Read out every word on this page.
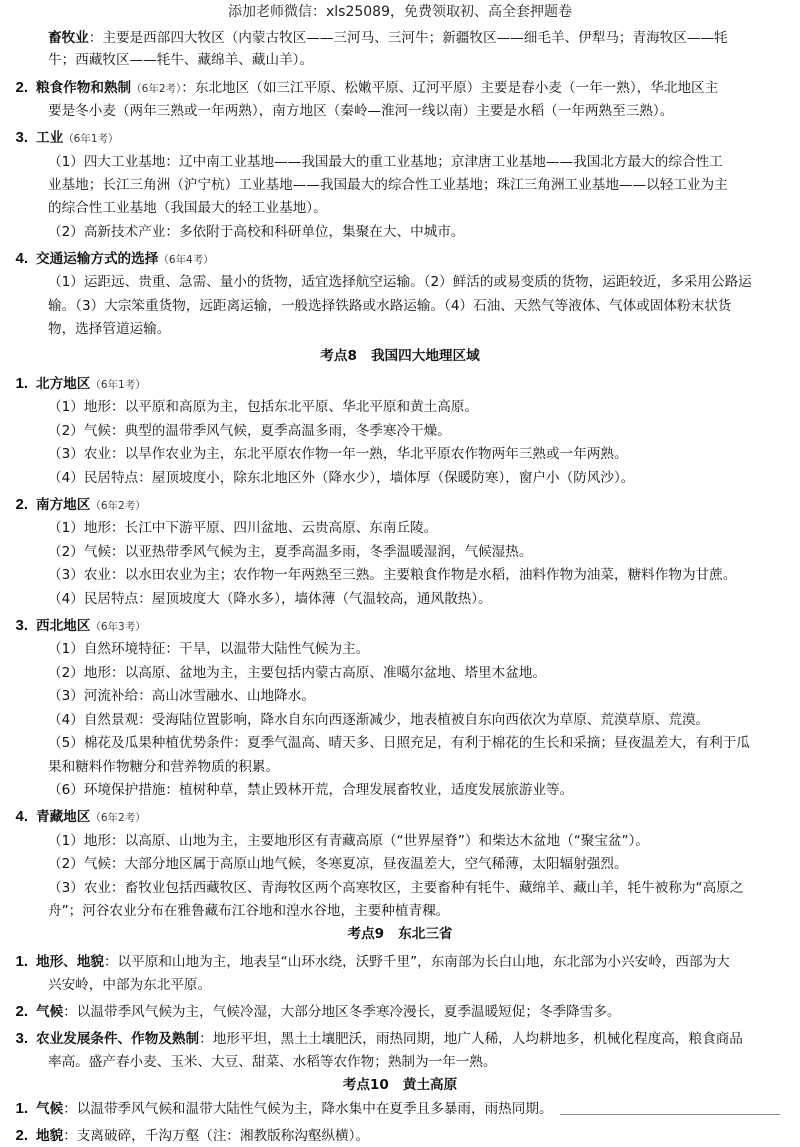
添加老师微信：xls25089，免费领取初、高全套押题卷
畜牧业：主要是西部四大牧区（内蒙古牧区——三河马、三河牛；新疆牧区——细毛羊、伊犁马；青海牧区——牦
牛；西藏牧区——牦牛、藏绵羊、藏山羊）。
2. 粮食作物和熟制（6年2考）：东北地区（如三江平原、松嫩平原、辽河平原）主要是春小麦（一年一熟），华北地区主
要是冬小麦（两年三熟或一年两熟），南方地区（秦岭—淮河一线以南）主要是水稻（一年两熟至三熟）。
3. 工业（6年1考）
（1）四大工业基地：辽中南工业基地——我国最大的重工业基地；京津唐工业基地——我国北方最大的综合性工
业基地；长江三角洲（沪宁杭）工业基地——我国最大的综合性工业基地；珠江三角洲工业基地——以轻工业为主
的综合性工业基地（我国最大的轻工业基地）。
（2）高新技术产业：多依附于高校和科研单位，集聚在大、中城市。
4. 交通运输方式的选择（6年4考）
（1）运距远、贵重、急需、量小的货物，适宜选择航空运输。（2）鲜活的或易变质的货物，运距较近，多采用公路运
输。（3）大宗笨重货物，远距离运输，一般选择铁路或水路运输。（4）石油、天然气等液体、气体或固体粉末状货
物，选择管道运输。
考点8 我国四大地理区域
1. 北方地区（6年1考）
（1）地形：以平原和高原为主，包括东北平原、华北平原和黄土高原。
（2）气候：典型的温带季风气候，夏季高温多雨，冬季寒冷干燥。
（3）农业：以旱作农业为主，东北平原农作物一年一熟，华北平原农作物两年三熟或一年两熟。
（4）民居特点：屋顶坡度小，除东北地区外（降水少），墙体厚（保暖防寒），窗户小（防风沙）。
2. 南方地区（6年2考）
（1）地形：长江中下游平原、四川盆地、云贵高原、东南丘陵。
（2）气候：以亚热带季风气候为主，夏季高温多雨，冬季温暖湿润，气候湿热。
（3）农业：以水田农业为主；农作物一年两熟至三熟。主要粮食作物是水稻，油料作物为油菜，糖料作物为甘蔗。
（4）民居特点：屋顶坡度大（降水多），墙体薄（气温较高，通风散热）。
3. 西北地区（6年3考）
（1）自然环境特征：干旱，以温带大陆性气候为主。
（2）地形：以高原、盆地为主，主要包括内蒙古高原、准噶尔盆地、塔里木盆地。
（3）河流补给：高山冰雪融水、山地降水。
（4）自然景观：受海陆位置影响，降水自东向西逐渐减少，地表植被自东向西依次为草原、荒漠草原、荒漠。
（5）棉花及瓜果种植优势条件：夏季气温高、晴天多、日照充足，有利于棉花的生长和采摘；昼夜温差大，有利于瓜
果和糖料作物糖分和营养物质的积累。
（6）环境保护措施：植树种草，禁止毁林开荒，合理发展畜牧业，适度发展旅游业等。
4. 青藏地区（6年2考）
（1）地形：以高原、山地为主，主要地形区有青藏高原（“世界屋脊”）和柴达木盆地（“聚宝盆”）。
（2）气候：大部分地区属于高原山地气候，冬寒夏凉，昼夜温差大，空气稀薄，太阳辐射强烈。
（3）农业：畜牧业包括西藏牧区、青海牧区两个高寒牧区，主要畜种有牦牛、藏绵羊、藏山羊，牦牛被称为“高原之
舟”；河谷农业分布在雅鲁藏布江谷地和湟水谷地，主要种植青稞。
考点9 东北三省
1. 地形、地貌：以平原和山地为主，地表呈“山环水绕，沃野千里”，东南部为长白山地，东北部为小兴安岭，西部为大
兴安岭，中部为东北平原。
2. 气候：以温带季风气候为主，气候冷湿，大部分地区冬季寒冷漫长，夏季温暖短促；冬季降雪多。
3. 农业发展条件、作物及熟制：地形平坦，黑土土壤肥沃，雨热同期，地广人稀，人均耕地多，机械化程度高，粮食商品
率高。盛产春小麦、玉米、大豆、甜菜、水稻等农作物；熟制为一年一熟。
考点10 黄土高原
1. 气候：以温带季风气候和温带大陆性气候为主，降水集中在夏季且多暴雨，雨热同期。
2. 地貌：支离破碎，千沟万壑（注：湘教版称沟壑纵横）。
